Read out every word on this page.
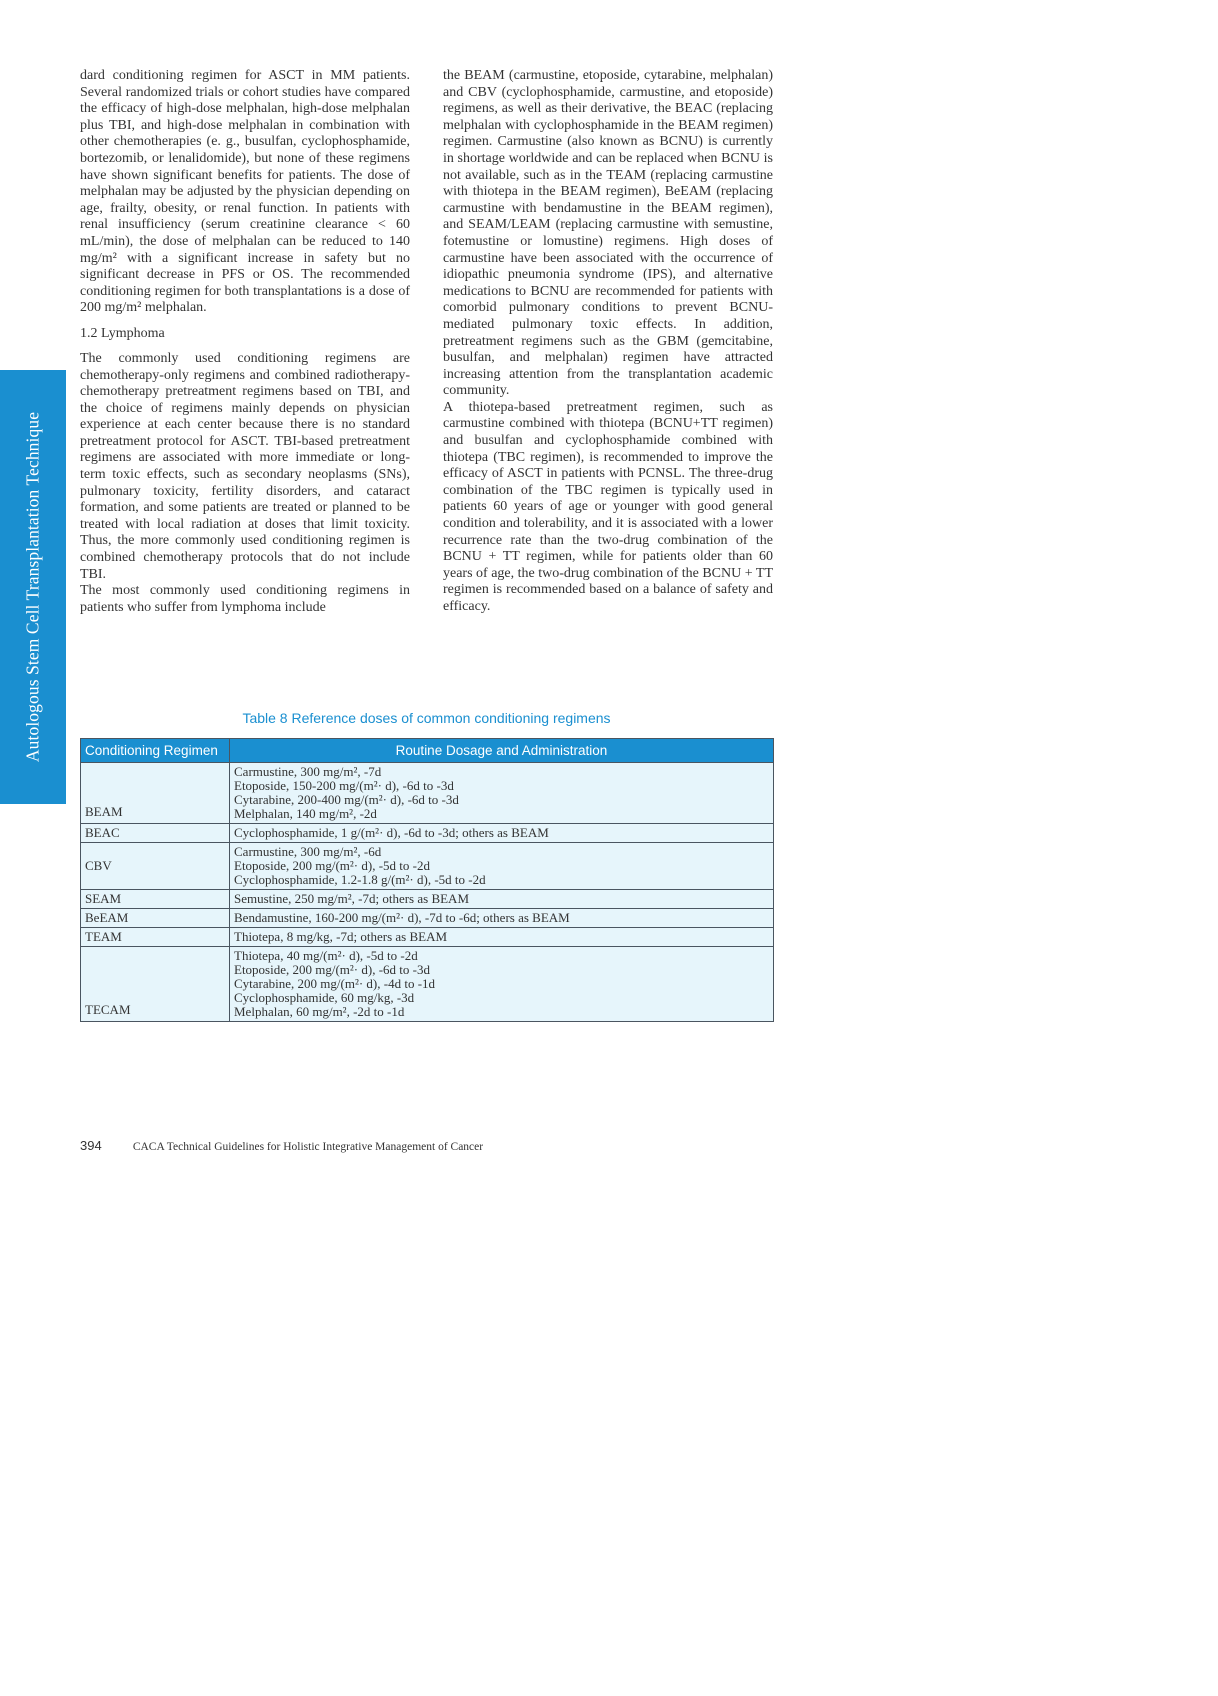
Autologous Stem Cell Transplantation Technique

dard conditioning regimen for ASCT in MM patients. Several randomized trials or cohort studies have compared the efficacy of high-dose melphalan, high-dose melphalan plus TBI, and high-dose melphalan in combination with other chemotherapies (e. g., busulfan, cyclophosphamide, bortezomib, or lenalidomide), but none of these regimens have shown significant benefits for patients. The dose of melphalan may be adjusted by the physician depending on age, frailty, obesity, or renal function. In patients with renal insufficiency (serum creatinine clearance < 60 mL/min), the dose of melphalan can be reduced to 140 mg/m² with a significant increase in safety but no significant decrease in PFS or OS. The recommended conditioning regimen for both transplantations is a dose of 200 mg/m² melphalan.

1.2 Lymphoma

The commonly used conditioning regimens are chemotherapy-only regimens and combined radiotherapy-chemotherapy pretreatment regimens based on TBI, and the choice of regimens mainly depends on physician experience at each center because there is no standard pretreatment protocol for ASCT. TBI-based pretreatment regimens are associated with more immediate or long-term toxic effects, such as secondary neoplasms (SNs), pulmonary toxicity, fertility disorders, and cataract formation, and some patients are treated or planned to be treated with local radiation at doses that limit toxicity. Thus, the more commonly used conditioning regimen is combined chemotherapy protocols that do not include TBI.

The most commonly used conditioning regimens in patients who suffer from lymphoma include

the BEAM (carmustine, etoposide, cytarabine, melphalan) and CBV (cyclophosphamide, carmustine, and etoposide) regimens, as well as their derivative, the BEAC (replacing melphalan with cyclophosphamide in the BEAM regimen) regimen. Carmustine (also known as BCNU) is currently in shortage worldwide and can be replaced when BCNU is not available, such as in the TEAM (replacing carmustine with thiotepa in the BEAM regimen), BeEAM (replacing carmustine with bendamustine in the BEAM regimen), and SEAM/LEAM (replacing carmustine with semustine, fotemustine or lomustine) regimens. High doses of carmustine have been associated with the occurrence of idiopathic pneumonia syndrome (IPS), and alternative medications to BCNU are recommended for patients with comorbid pulmonary conditions to prevent BCNU-mediated pulmonary toxic effects. In addition, pretreatment regimens such as the GBM (gemcitabine, busulfan, and melphalan) regimen have attracted increasing attention from the transplantation academic community.

A thiotepa-based pretreatment regimen, such as carmustine combined with thiotepa (BCNU+TT regimen) and busulfan and cyclophosphamide combined with thiotepa (TBC regimen), is recommended to improve the efficacy of ASCT in patients with PCNSL. The three-drug combination of the TBC regimen is typically used in patients 60 years of age or younger with good general condition and tolerability, and it is associated with a lower recurrence rate than the two-drug combination of the BCNU + TT regimen, while for patients older than 60 years of age, the two-drug combination of the BCNU + TT regimen is recommended based on a balance of safety and efficacy.

Table 8 Reference doses of common conditioning regimens
Conditioning Regimen	Routine Dosage and Administration
BEAM	Carmustine, 300 mg/m², -7d
Etoposide, 150-200 mg/(m²· d), -6d to -3d
Cytarabine, 200-400 mg/(m²· d), -6d to -3d
Melphalan, 140 mg/m², -2d

BEAC	Cyclophosphamide, 1 g/(m²· d), -6d to -3d; others as BEAM

CBV	Carmustine, 300 mg/m², -6d
Etoposide, 200 mg/(m²· d), -5d to -2d
Cyclophosphamide, 1.2-1.8 g/(m²· d), -5d to -2d

SEAM	Semustine, 250 mg/m², -7d; others as BEAM

BeEAM	Bendamustine, 160-200 mg/(m²· d), -7d to -6d; others as BEAM

TEAM	Thiotepa, 8 mg/kg, -7d; others as BEAM

TECAM	Thiotepa, 40 mg/(m²· d), -5d to -2d
Etoposide, 200 mg/(m²· d), -6d to -3d
Cytarabine, 200 mg/(m²· d), -4d to -1d
Cyclophosphamide, 60 mg/kg, -3d
Melphalan, 60 mg/m², -2d to -1d
394	CACA Technical Guidelines for Holistic Integrative Management of Cancer
